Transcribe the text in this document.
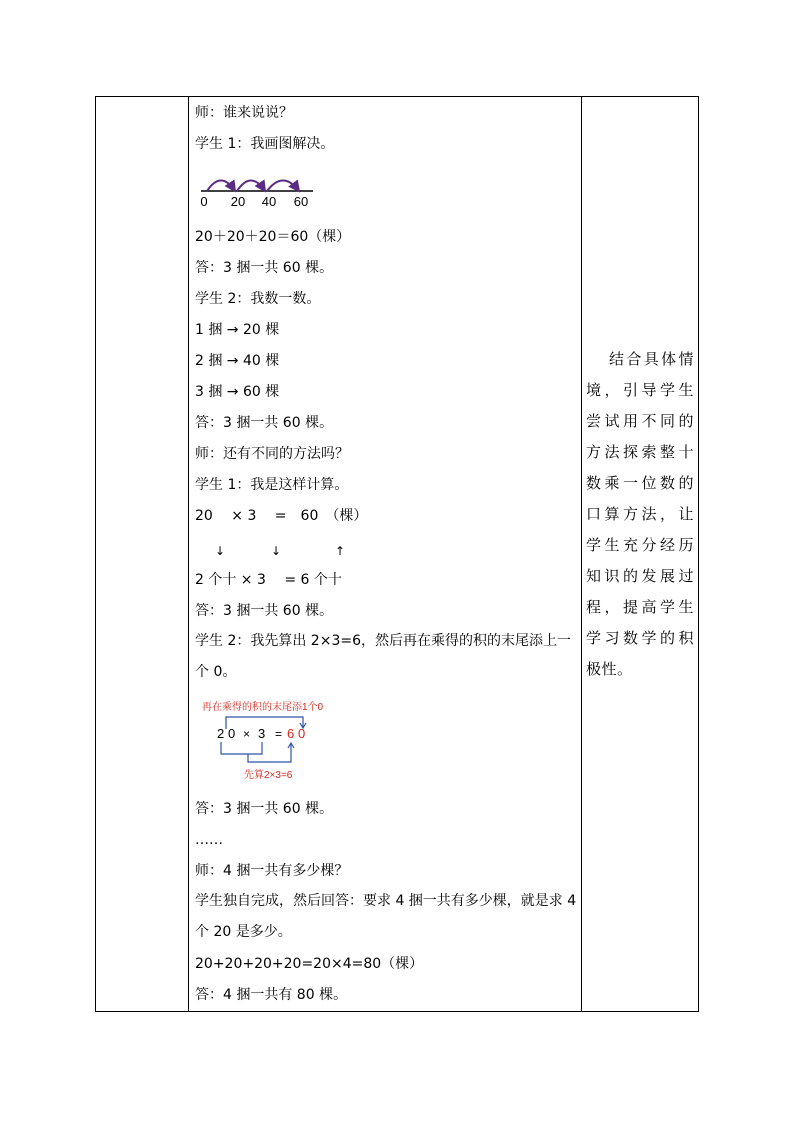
师：谁来说说？
学生 1：我画图解决。
0 20 40 60
20＋20＋20＝60（棵）
答：3 捆一共 60 棵。
学生 2：我数一数。
1 捆 → 20 棵
2 捆 → 40 棵
3 捆 → 60 棵
答：3 捆一共 60 棵。
师：还有不同的方法吗？
学生 1：我是这样计算。
20　 × 3　 =　60　（棵）
↓	↓	↑
2 个十 × 3　 = 6 个十
答：3 捆一共 60 棵。
学生 2：我先算出 2×3=6，然后再在乘得的积的末尾添上一个 0。
再在乘得的积的末尾添1个0
2 0 × 3 = 6 0
先算2×3=6
答：3 捆一共 60 棵。
……
师：4 捆一共有多少棵？
学生独自完成，然后回答：要求 4 捆一共有多少棵，就是求 4 个 20 是多少。
20+20+20+20=20×4=80（棵）
答：4 捆一共有 80 棵。
结合具体情境，引导学生尝试用不同的方法探索整十数乘一位数的口算方法，让学生充分经历知识的发展过程，提高学生学习数学的积极性。
